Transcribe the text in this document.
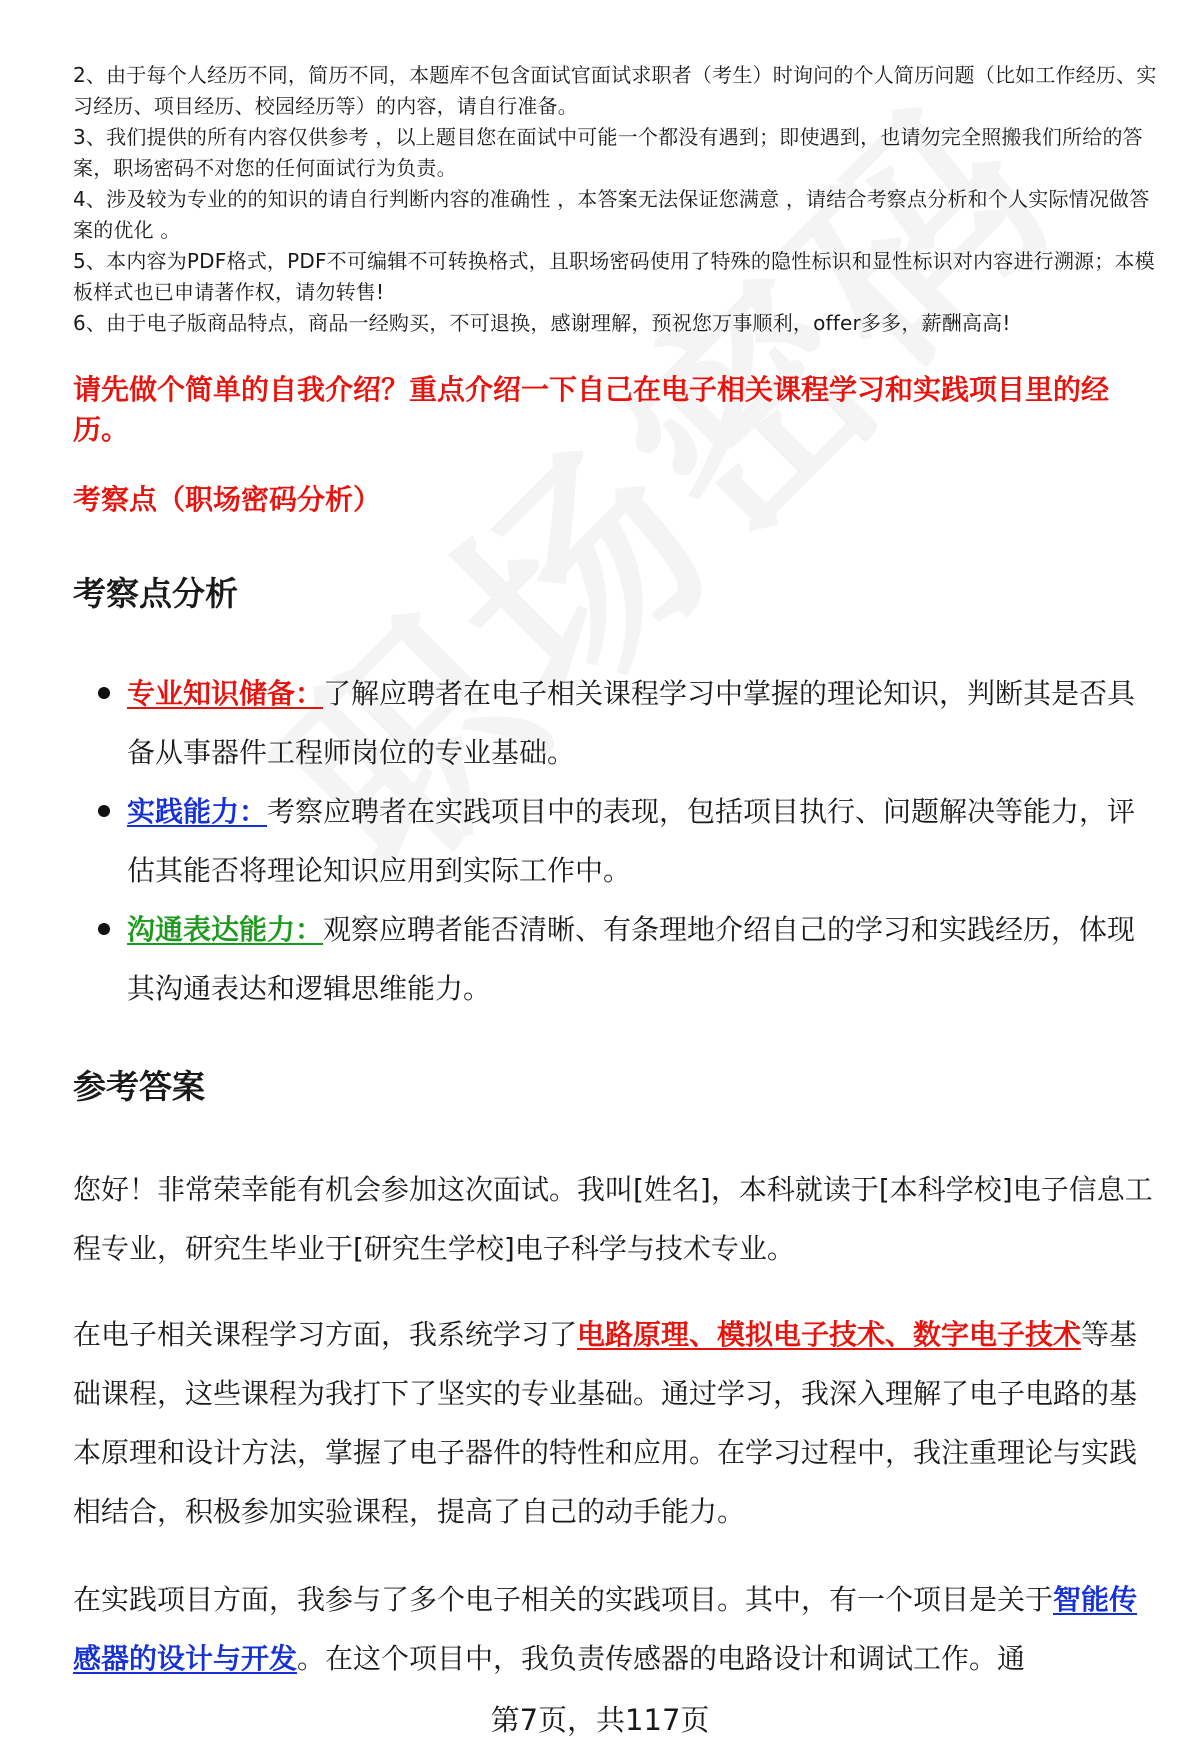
2、由于每个人经历不同，简历不同，本题库不包含面试官面试求职者（考生）时询问的个人简历问题（比如工作经历、实习经历、项目经历、校园经历等）的内容，请自行准备。

3、我们提供的所有内容仅供参考 ，以上题目您在面试中可能一个都没有遇到；即使遇到，也请勿完全照搬我们所给的答案，职场密码不对您的任何面试行为负责。

4、涉及较为专业的的知识的请自行判断内容的准确性 ，本答案无法保证您满意 ，请结合考察点分析和个人实际情况做答案的优化 。

5、本内容为PDF格式，PDF不可编辑不可转换格式，且职场密码使用了特殊的隐性标识和显性标识对内容进行溯源；本模板样式也已申请著作权，请勿转售!

6、由于电子版商品特点，商品一经购买，不可退换，感谢理解，预祝您万事顺利，offer多多，薪酬高高!

请先做个简单的自我介绍？重点介绍一下自己在电子相关课程学习和实践项目里的经历。

考察点（职场密码分析）

考察点分析
专业知识储备：了解应聘者在电子相关课程学习中掌握的理论知识，判断其是否具备从事器件工程师岗位的专业基础。
实践能力：考察应聘者在实践项目中的表现，包括项目执行、问题解决等能力，评估其能否将理论知识应用到实际工作中。
沟通表达能力：观察应聘者能否清晰、有条理地介绍自己的学习和实践经历，体现其沟通表达和逻辑思维能力。
参考答案

您好！非常荣幸能有机会参加这次面试。我叫[姓名]，本科就读于[本科学校]电子信息工程专业，研究生毕业于[研究生学校]电子科学与技术专业。

在电子相关课程学习方面，我系统学习了电路原理、模拟电子技术、数字电子技术等基础课程，这些课程为我打下了坚实的专业基础。通过学习，我深入理解了电子电路的基本原理和设计方法，掌握了电子器件的特性和应用。在学习过程中，我注重理论与实践相结合，积极参加实验课程，提高了自己的动手能力。

在实践项目方面，我参与了多个电子相关的实践项目。其中，有一个项目是关于智能传感器的设计与开发。在这个项目中，我负责传感器的电路设计和调试工作。通

第7页，共117页
